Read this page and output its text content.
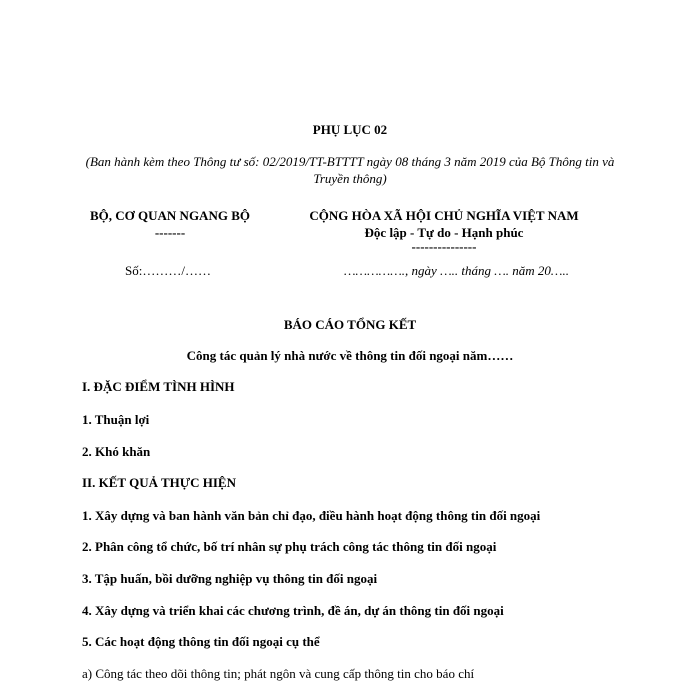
PHỤ LỤC 02
(Ban hành kèm theo Thông tư số: 02/2019/TT-BTTTT ngày 08 tháng 3 năm 2019 của Bộ Thông tin và Truyền thông)
BỘ, CƠ QUAN NGANG BỘ
-------
CỘNG HÒA XÃ HỘI CHỦ NGHĨA VIỆT NAM
Độc lập - Tự do - Hạnh phúc
---------------
Số:………/……	……………., ngày ….. tháng …. năm 20…..
BÁO CÁO TỔNG KẾT
Công tác quản lý nhà nước về thông tin đối ngoại năm……
I. ĐẶC ĐIỂM TÌNH HÌNH
1. Thuận lợi
2. Khó khăn
II. KẾT QUẢ THỰC HIỆN
1. Xây dựng và ban hành văn bản chỉ đạo, điều hành hoạt động thông tin đối ngoại
2. Phân công tổ chức, bố trí nhân sự phụ trách công tác thông tin đối ngoại
3. Tập huấn, bồi dưỡng nghiệp vụ thông tin đối ngoại
4. Xây dựng và triển khai các chương trình, đề án, dự án thông tin đối ngoại
5. Các hoạt động thông tin đối ngoại cụ thể
a) Công tác theo dõi thông tin; phát ngôn và cung cấp thông tin cho báo chí
